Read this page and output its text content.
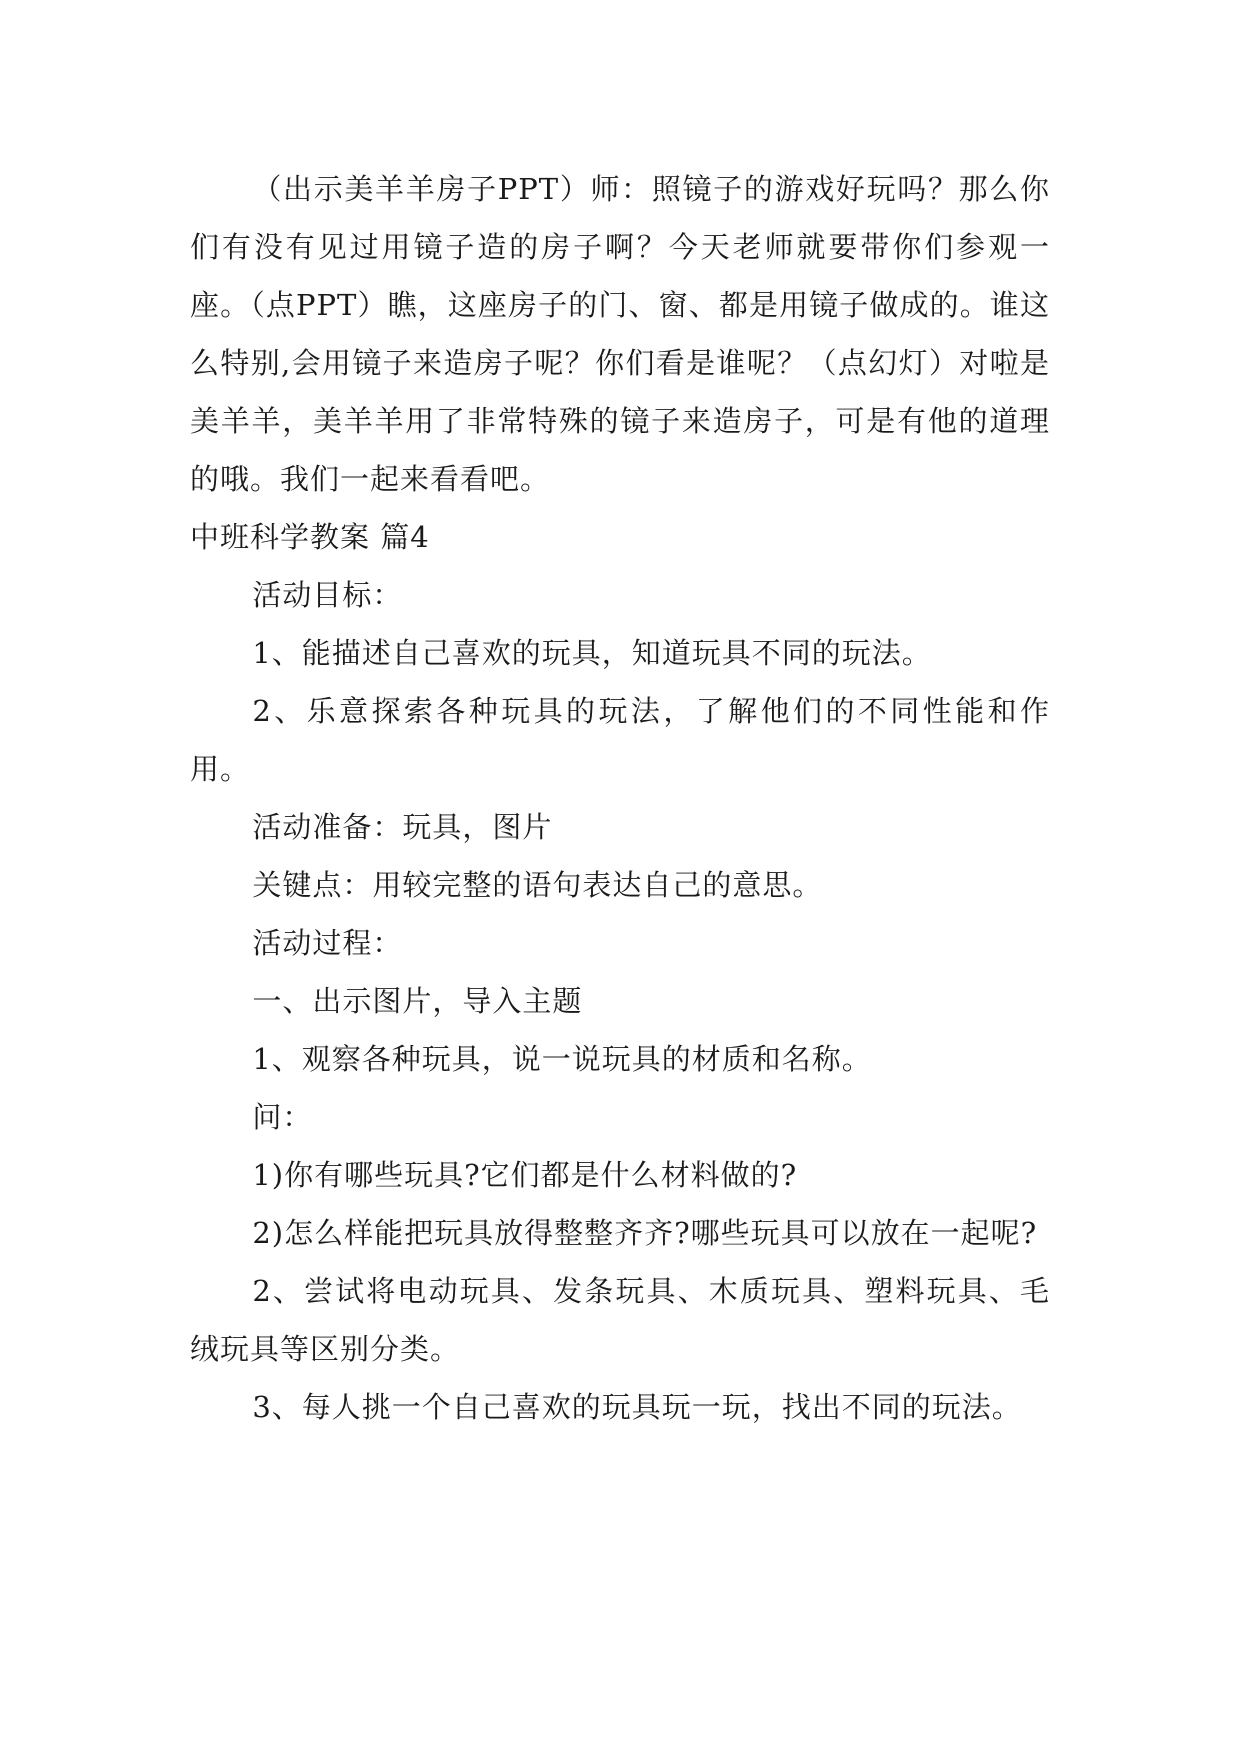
（出示美羊羊房子PPT）师：照镜子的游戏好玩吗？那么你们有没有见过用镜子造的房子啊？今天老师就要带你们参观一座。（点PPT）瞧，这座房子的门、窗、都是用镜子做成的。谁这么特别,会用镜子来造房子呢？你们看是谁呢？（点幻灯）对啦是美羊羊，美羊羊用了非常特殊的镜子来造房子，可是有他的道理的哦。我们一起来看看吧。

中班科学教案 篇4

活动目标：

1、能描述自己喜欢的玩具，知道玩具不同的玩法。

2、乐意探索各种玩具的玩法，了解他们的不同性能和作用。

活动准备：玩具，图片

关键点：用较完整的语句表达自己的意思。

活动过程：

一、出示图片，导入主题

1、观察各种玩具，说一说玩具的材质和名称。

问：

1)你有哪些玩具?它们都是什么材料做的?

2)怎么样能把玩具放得整整齐齐?哪些玩具可以放在一起呢?

2、尝试将电动玩具、发条玩具、木质玩具、塑料玩具、毛绒玩具等区别分类。

3、每人挑一个自己喜欢的玩具玩一玩，找出不同的玩法。
